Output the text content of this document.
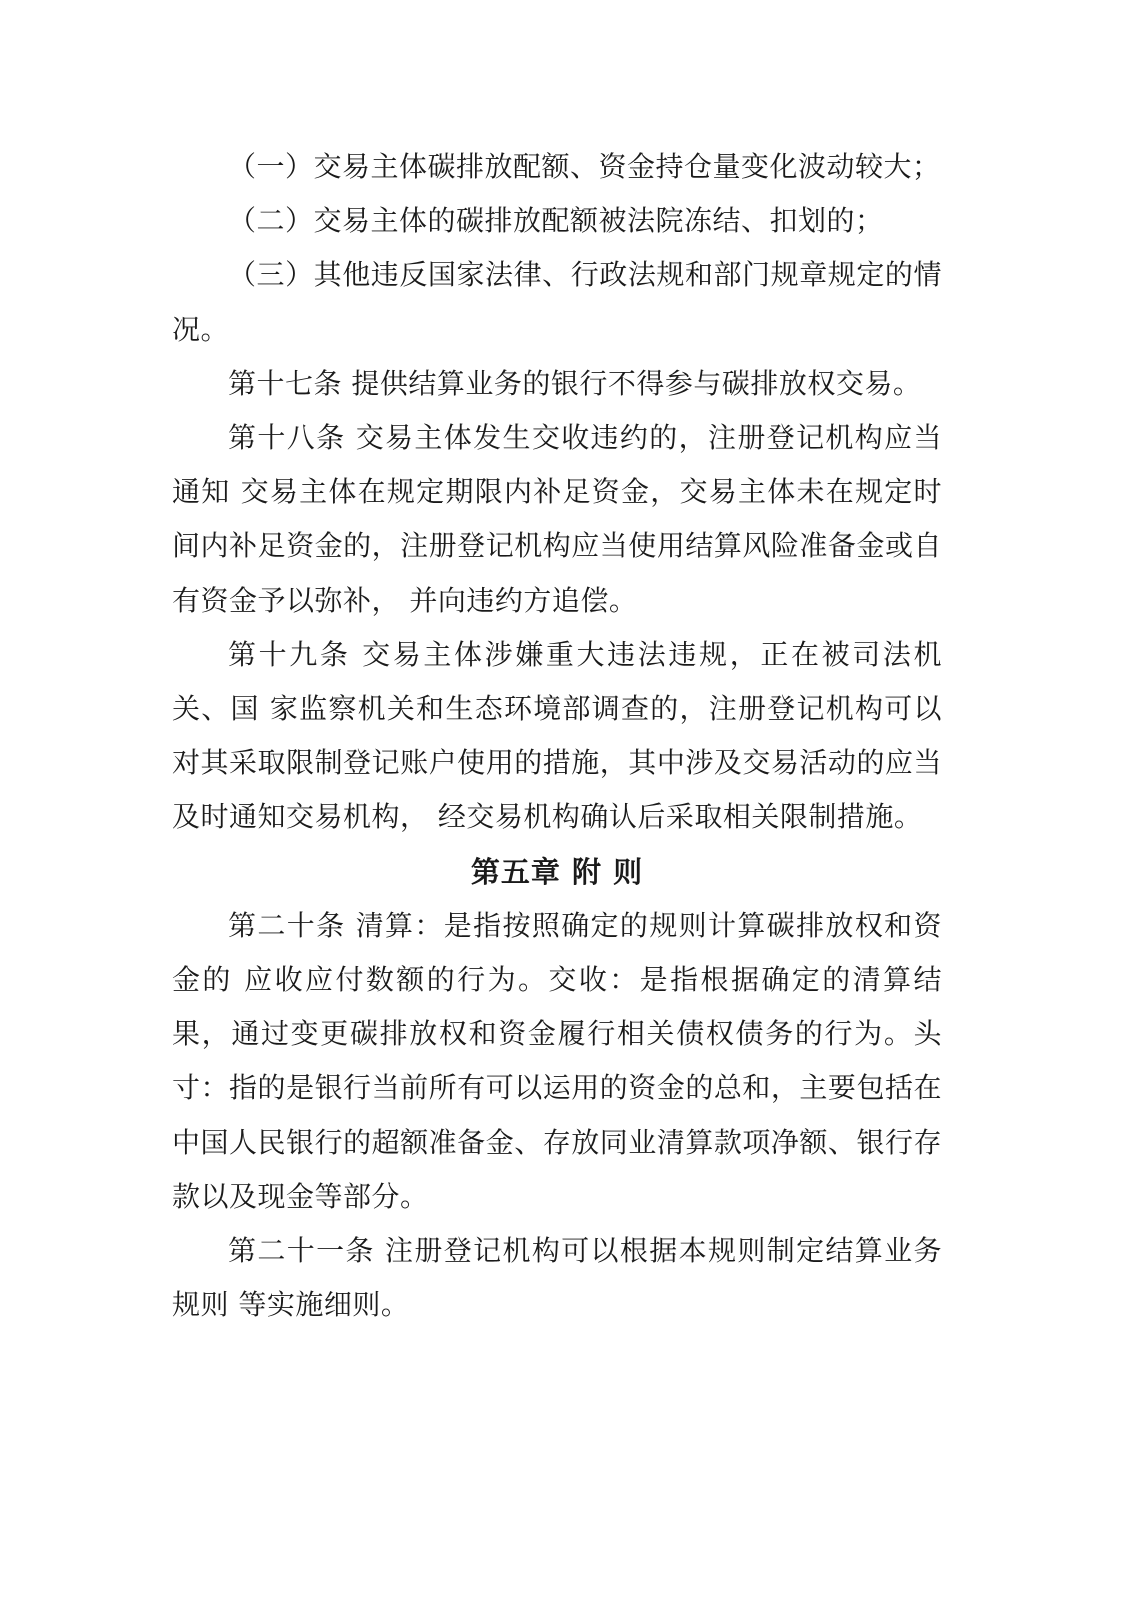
（一）交易主体碳排放配额、资金持仓量变化波动较大；

（二）交易主体的碳排放配额被法院冻结、扣划的；

（三）其他违反国家法律、行政法规和部门规章规定的情况。

第十七条 提供结算业务的银行不得参与碳排放权交易。

第十八条 交易主体发生交收违约的，注册登记机构应当通知 交易主体在规定期限内补足资金，交易主体未在规定时间内补足资金的，注册登记机构应当使用结算风险准备金或自有资金予以弥补， 并向违约方追偿。

第十九条 交易主体涉嫌重大违法违规，正在被司法机关、国 家监察机关和生态环境部调查的，注册登记机构可以对其采取限制登记账户使用的措施，其中涉及交易活动的应当及时通知交易机构， 经交易机构确认后采取相关限制措施。

第五章 附 则

第二十条 清算：是指按照确定的规则计算碳排放权和资金的 应收应付数额的行为。交收：是指根据确定的清算结果，通过变更碳排放权和资金履行相关债权债务的行为。头寸：指的是银行当前所有可以运用的资金的总和，主要包括在中国人民银行的超额准备金、存放同业清算款项净额、银行存款以及现金等部分。

第二十一条 注册登记机构可以根据本规则制定结算业务规则 等实施细则。
